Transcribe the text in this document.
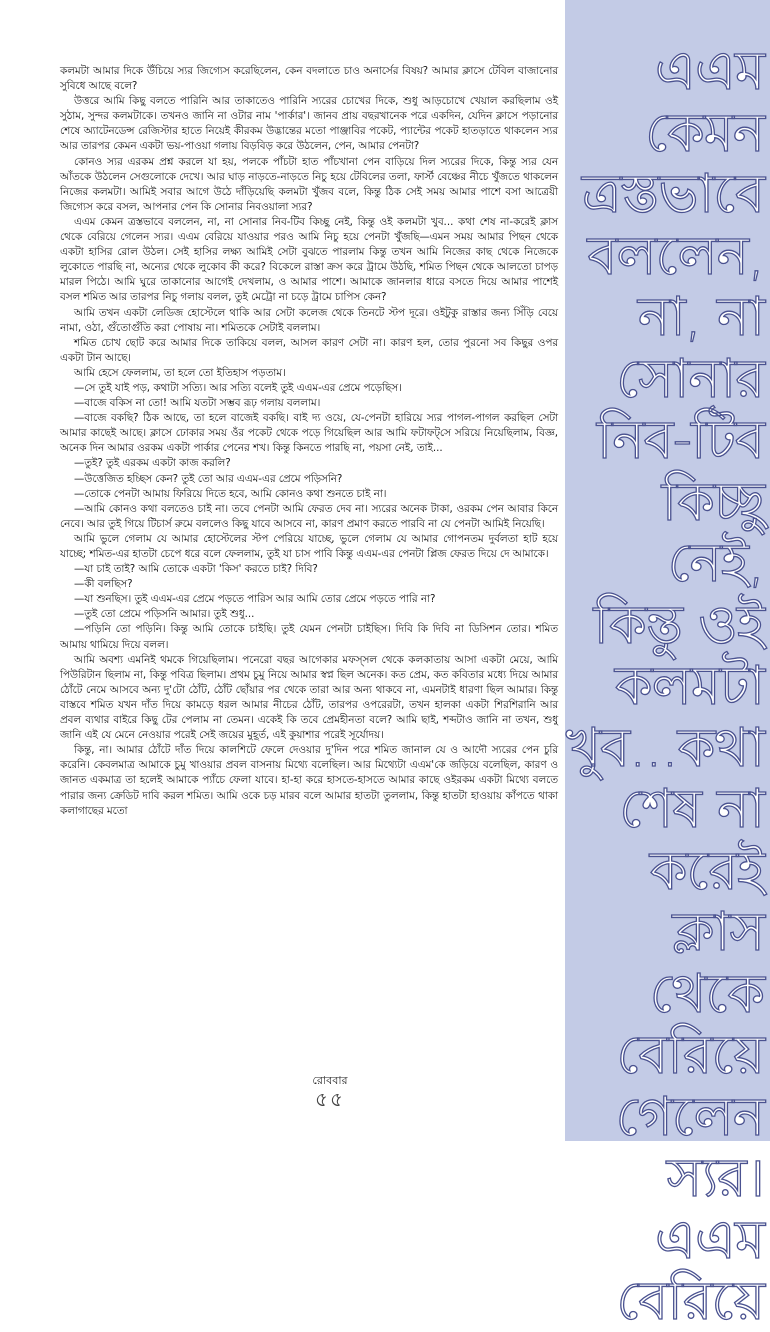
কলমটা আমার দিকে উঁচিয়ে স্যর জিগ্যেস করেছিলেন, কেন বদলাতে চাও অনার্সের বিষয়? আমার ক্লাসে টেবিল বাজানোর সুবিধে আছে বলে?

উত্তরে আমি কিছু বলতে পারিনি আর তাকাতেও পারিনি স্যরের চোখের দিকে, শুধু আড়চোখে খেয়াল করছিলাম ওই সুঠাম, সুন্দর কলমটাকে। তখনও জানি না ওটার নাম 'পার্কার'। জানব প্রায় বছরখানেক পরে একদিন, যেদিন ক্লাসে পড়ানোর শেষে অ্যাটেনডেন্স রেজিস্টার হাতে নিয়েই কীরকম উদ্ভান্তের মতো পাঞ্জাবির পকেট, প্যান্টের পকেট হাতড়াতে থাকলেন স্যর আর তারপর কেমন একটা ভয়-পাওয়া গলায় বিড়বিড় করে উঠলেন, পেন, আমার পেনটা?

কোনও স্যর এরকম প্রশ্ন করলে যা হয়, পলকে পাঁচটা হাত পাঁচখানা পেন বাড়িয়ে দিল স্যরের দিকে, কিন্তু স্যর যেন আঁতকে উঠলেন সেগুলোকে দেখে। আর ঘাড় নাড়তে-নাড়তে নিচু হয়ে টেবিলের তলা, ফার্স্ট বেঞ্চের নীচে খুঁজতে থাকলেন নিজের কলমটা। আমিই সবার আগে উঠে দাঁড়িয়েছি কলমটা খুঁজব বলে, কিন্তু ঠিক সেই সময় আমার পাশে বসা আত্রেয়ী জিগ্যেস করে বসল, আপনার পেন কি সোনার নিবওয়ালা স্যর?

এএম কেমন ত্রস্তভাবে বললেন, না, না সোনার নিব-টিব কিচ্ছু নেই, কিন্তু ওই কলমটা খুব... কথা শেষ না-করেই ক্লাস থেকে বেরিয়ে গেলেন স্যর। এএম বেরিয়ে যাওয়ার পরও আমি নিচু হয়ে পেনটা খুঁজছি—এমন সময় আমার পিছন থেকে একটা হাসির রোল উঠল। সেই হাসির লক্ষ্য আমিই সেটা বুঝতে পারলাম কিন্তু তখন আমি নিজের কাছ থেকে নিজেকে লুকোতে পারছি না, অন্যের থেকে লুকোব কী করে? বিকেলে রাস্তা ক্রস করে ট্রামে উঠছি, শমিত পিছন থেকে আলতো চাপড় মারল পিঠে। আমি ঘুরে তাকানোর আগেই দেখলাম, ও আমার পাশে। আমাকে জানলার ধারে বসতে দিয়ে আমার পাশেই বসল শমিত আর তারপর নিচু গলায় বলল, তুই মেট্রো না চড়ে ট্রামে চাপিস কেন?

আমি তখন একটা লেডিজ হোস্টেলে থাকি আর সেটা কলেজ থেকে তিনটে স্টপ দূরে। ওইটুকু রাস্তার জন্য সিঁড়ি বেয়ে নামা, ওঠা, গুঁতোগুঁতি করা পোষায় না। শমিতকে সেটাই বললাম।

শমিত চোখ ছোট করে আমার দিকে তাকিয়ে বলল, আসল কারণ সেটা না। কারণ হল, তোর পুরনো সব কিছুর ওপর একটা টান আছে।

আমি হেসে ফেললাম, তা হলে তো ইতিহাস পড়তাম।

—সে তুই যাই পড়, কথাটা সত্যি। আর সত্যি বলেই তুই এএম-এর প্রেমে পড়েছিস।

—বাজে বকিস না তো! আমি যতটা সম্ভব রূঢ় গলায় বললাম।

—বাজে বকছি? ঠিক আছে, তা হলে বাজেই বকছি। বাই দ্য ওয়ে, যে-পেনটা হারিয়ে স্যর পাগল-পাগল করছিল সেটা আমার কাছেই আছে। ক্লাসে ঢোকার সময় ওঁর পকেট থেকে পড়ে গিয়েছিল আর আমি ফটাফট্‌সে সরিয়ে নিয়েছিলাম, বিজ্ঞ, অনেক দিন আমার ওরকম একটা পার্কার পেনের শখ। কিন্তু কিনতে পারছি না, পয়সা নেই, তাই...

—তুই? তুই এরকম একটা কাজ করলি?

—উত্তেজিত হচ্ছিস কেন? তুই তো আর এএম-এর প্রেমে পড়িসনি?

—তোকে পেনটা আমায় ফিরিয়ে দিতে হবে, আমি কোনও কথা শুনতে চাই না।

—আমি কোনও কথা বলতেও চাই না। তবে পেনটা আমি ফেরত দেব না। স্যরের অনেক টাকা, ওরকম পেন আবার কিনে নেবে। আর তুই গিয়ে টিচার্স রুমে বললেও কিছু যাবে আসবে না, কারণ প্রমাণ করতে পারবি না যে পেনটা আমিই নিয়েছি।

আমি ভুলে গেলাম যে আমার হোস্টেলের স্টপ পেরিয়ে যাচ্ছে, ভুলে গেলাম যে আমার গোপনতম দুর্বলতা হাট হয়ে যাচ্ছে; শমিত-এর হাতটা চেপে ধরে বলে ফেললাম, তুই যা চাস পাবি কিন্তু এএম-এর পেনটা প্লিজ ফেরত দিয়ে দে আমাকে।

—যা চাই তাই? আমি তোকে একটা 'কিস' করতে চাই? দিবি?

—কী বলছিস?

—যা শুনছিস। তুই এএম-এর প্রেমে পড়তে পারিস আর আমি তোর প্রেমে পড়তে পারি না?

—তুই তো প্রেমে পড়িসনি আমার। তুই শুধু...

—পড়িনি তো পড়িনি। কিন্তু আমি তোকে চাইছি। তুই যেমন পেনটা চাইছিস। দিবি কি দিবি না ডিসিশন তোর। শমিত আমায় থামিয়ে দিয়ে বলল।

আমি অবশ্য এমনিই থমকে গিয়েছিলাম। পনেরো বছর আগেকার মফস্সল থেকে কলকাতায় আসা একটা মেয়ে, আমি পিউরিটান ছিলাম না, কিন্তু পবিত্র ছিলাম। প্রথম চুমু নিয়ে আমার স্বপ্ন ছিল অনেক। কত প্রেম, কত কবিতার মধ্যে দিয়ে আমার ঠোঁটে নেমে আসবে অন্য দু'টো ঠোঁট, ঠোঁট ছোঁয়ার পর থেকে তারা আর অন্য থাকবে না, এমনটাই ধারণা ছিল আমার। কিন্তু বাস্তবে শমিত যখন দাঁত দিয়ে কামড়ে ধরল আমার নীচের ঠোঁট, তারপর ওপরেরটা, তখন হালকা একটা শিরশিরানি আর প্রবল ব্যথার বাইরে কিছু টের পেলাম না তেমন। একেই কি তবে প্রেমহীনতা বলে? আমি ছাই, শব্দটাও জানি না তখন, শুধু জানি এই যে মেনে নেওয়ার পরেই সেই জয়ের মুহূর্ত, এই কুয়াশার পরেই সূর্যোদয়।

কিন্তু, না। আমার ঠোঁটে দাঁত দিয়ে কালশিটে ফেলে দেওয়ার দু'দিন পরে শমিত জানাল যে ও আদৌ স্যরের পেন চুরি করেনি। কেবলমাত্র আমাকে চুমু খাওয়ার প্রবল বাসনায় মিথ্যে বলেছিল। আর মিথ্যেটা এএম'কে জড়িয়ে বলেছিল, কারণ ও জানত একমাত্র তা হলেই আমাকে প্যাঁচে ফেলা যাবে। হা-হা করে হাসতে-হাসতে আমার কাছে ওইরকম একটা মিথ্যে বলতে পারার জন্য ক্রেডিট দাবি করল শমিত। আমি ওকে চড় মারব বলে আমার হাতটা তুললাম, কিন্তু হাতটা হাওয়ায় কাঁপতে থাকা কলাগাছের মতো

রোববার
৫৫
এএম
কেমন
ত্রস্তভাবে
বললেন,
না, না
সোনার
নিব-টিব
কিচ্ছু
নেই,
কিন্তু ওই
কলমটা
খুব...কথা
শেষ না
করেই
ক্লাস
থেকে
বেরিয়ে
গেলেন
স্যর।
এএম
বেরিয়ে
